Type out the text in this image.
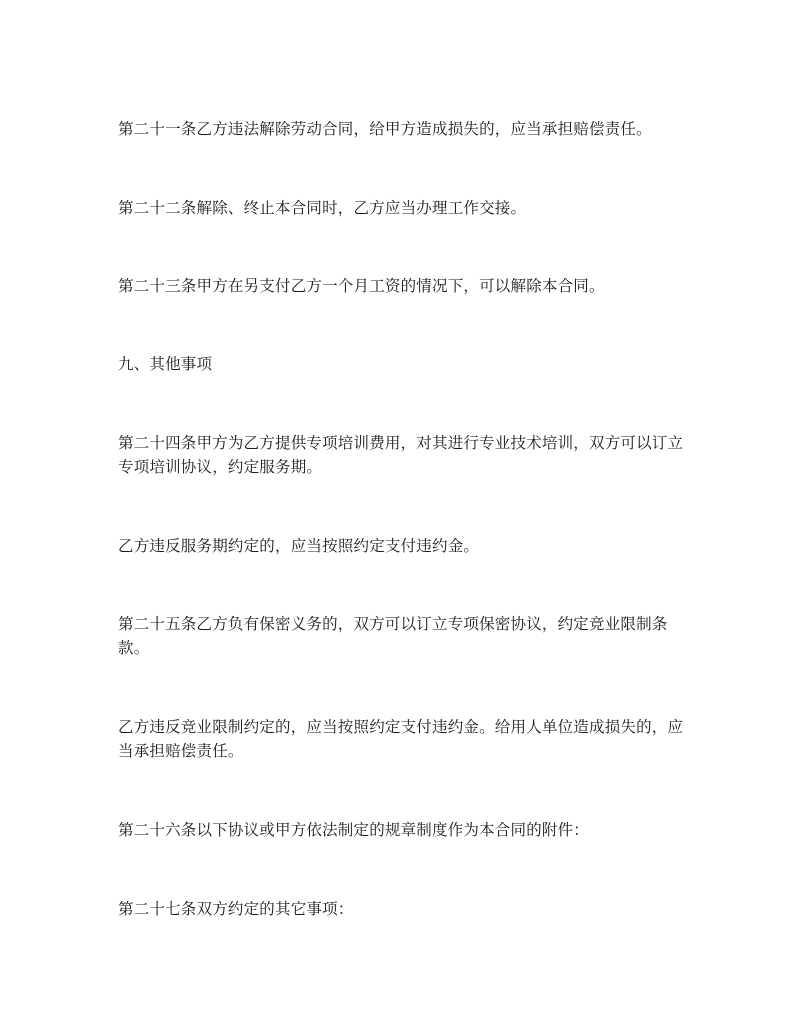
第二十一条乙方违法解除劳动合同，给甲方造成损失的，应当承担赔偿责任。

第二十二条解除、终止本合同时，乙方应当办理工作交接。

第二十三条甲方在另支付乙方一个月工资的情况下，可以解除本合同。

九、其他事项

第二十四条甲方为乙方提供专项培训费用，对其进行专业技术培训，双方可以订立专项培训协议，约定服务期。

乙方违反服务期约定的，应当按照约定支付违约金。

第二十五条乙方负有保密义务的，双方可以订立专项保密协议，约定竞业限制条款。

乙方违反竞业限制约定的，应当按照约定支付违约金。给用人单位造成损失的，应当承担赔偿责任。

第二十六条以下协议或甲方依法制定的规章制度作为本合同的附件：

第二十七条双方约定的其它事项：
